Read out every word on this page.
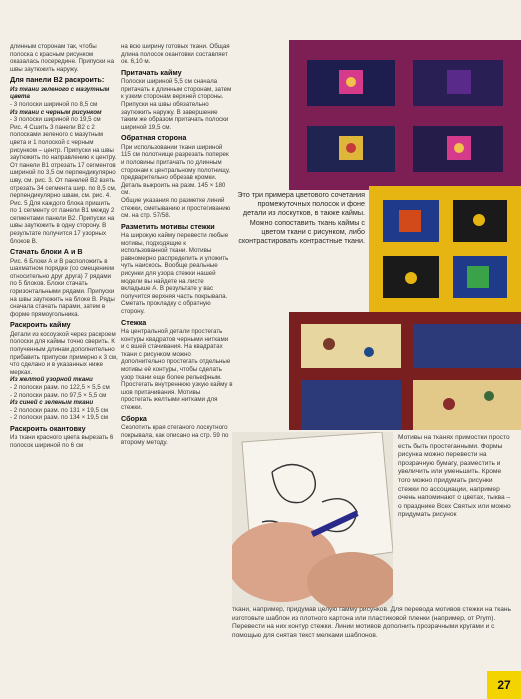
длинным сторонам так, чтобы полоска с красным рисунком оказалась посередине. Припуски на швы заутюжить наружу.

Для панели B2 раскроить:

Из ткани зеленого с мазутным цвета

- 3 полоски шириной по 8,5 см

Из ткани с черным рисунком

- 3 полоски шириной по 19,5 см

Рис. 4 Сшить 3 панели B2 с 2 полосками зеленого с мазутным цвета и 1 полоской с черным рисунком – центр. Припуски на швы заутюжить по направлению к центру.

От панели B1 отрезать 17 сегментов шириной по 3,5 см перпендикулярно шву, см. рис. 3. От панелей B2 взять отрезать 34 сегмента шир. по 8,5 см, перпендикулярно швам, см. рис. 4.

Рис. 5 Для каждого блока пришить по 1 сегменту от панели B1 между 2 сегментами панели B2. Припуски на швы заутюжить в одну сторону. В результате получится 17 узорных блоков B.

Стачать блоки А и В

Рис. 6 Блоки А и В расположить в шахматном порядке (со смещением относительно друг друга) 7 рядами по 5 блоков. Блоки стачать горизонтальными рядами. Припуски на швы заутюжить на блоке В. Ряды сначала стачать парами, затем в форме прямоугольника.

Раскроить кайму

Детали из косоузкой через раскроем полоски для каймы точно сверить. К полученным длинам дополнительно прибавить припуски примерно к 3 см, что сделано и в указанных ниже мерках.

Из желтой узорной ткани

- 2 полоски разм. по 122,5 × 5,5 см

- 2 полоски разм. по 97,5 × 5,5 см

Из синей с зеленым ткани

- 2 полоски разм. по 131 × 19,5 см

- 2 полоски разм. по 134 × 19,5 см

Раскроить окантовку

Из ткани красного цвета вырезать 6 полосок шириной по 6 см

на всю ширину готовых ткани. Общая длина полосок окантовки составляет ок. 6,10 м.

Притачать кайму

Полоски шириной 5,5 см сначала притачать к длинным сторонам, затем к узким сторонам верхней стороны. Припуски на швы обязательно заутюжить наружу. В завершение таким же образом притачать полоски шириной 19,5 см.

Обратная сторона

При использовании ткани шириной 115 см полотнище разрезать поперек и половины притачать по длинным сторонам к центральному полотнищу, предварительно обрезав кромки. Деталь выкроить на разм. 145 × 180 см.

Общие указания по разметке линий стежки, сметыванию и простегиванию см. на стр. 57/58.

Разметить мотивы стежки

На широкую кайму перевести любые мотивы, подходящие к использованной ткани. Мотивы равномерно распределить и уложить чуть наискось. Вообще реальные рисунки для узора стежки нашей модели вы найдете на листе вкладыше А. В результате у вас получится верхняя часть покрывала. Сметать прокладку с обратную сторону.

Стежка

На центральной детали простегать контуры квадратов черными нитками и с вшей стачивания. На квадратах ткани с рисунком можно дополнительно простегать отдельные мотивы её контуры, чтобы сделать узор ткани еще более рельефным. Простегать внутреннюю узкую кайму в шов притачивания. Мотивы простегать желтыми нитками для стежки.

Сборка

Сколотить края стеганого лоскутного покрывала, как описано на стр. 59 по второму методу.

Это три примера цветового сочетания промежуточных полосок и фоне детали из лоскутков, в также каймы. Можно сопоставить ткань каймы с цветом ткани с рисунком, либо сконтрастировать контрастные ткани.

Мотивы на тканях примостки просто есть быть простеганными. Формы рисунка можно перевести на прозрачную бумагу, разместить и увеличить или уменьшить. Кроме того можно придумать рисунки стежки по ассоциации, например очень напоминают о цветах, тыква – о празднике Всех Святых или можно придумать рисунок

ткани, например, придумав целую гамму рисунков. Для перевода мотивов стежки на ткань изготовьте шаблон из плотного картона или пластиковой пленки (например, от Prym). Перевести на них контур стежки. Линии мотивов дополнить прозрачными кругами и с помощью для снятая текст мелками шаблонов.

27
